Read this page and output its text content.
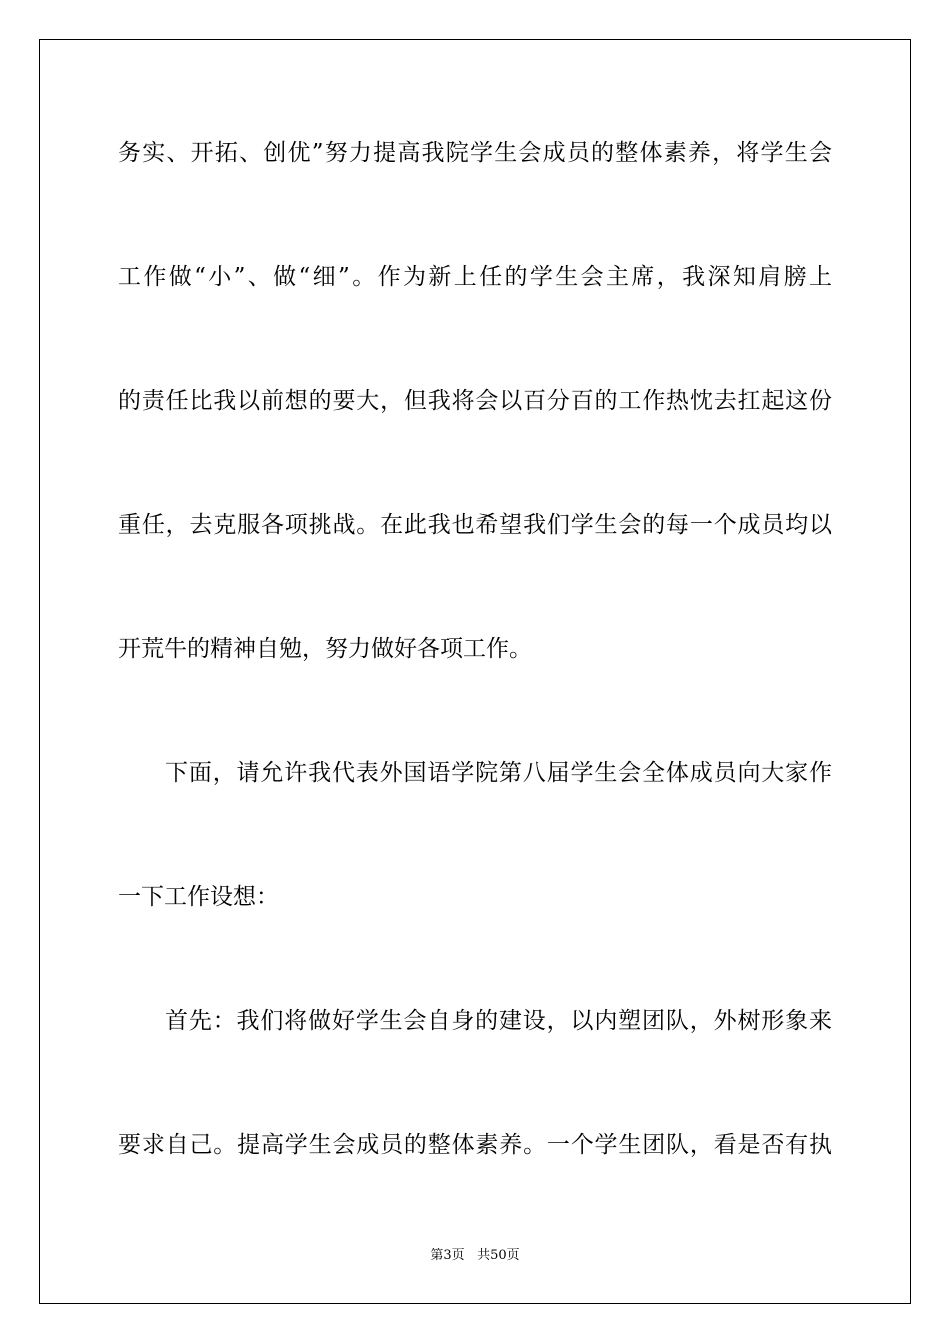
务实、开拓、创优”努力提高我院学生会成员的整体素养，将学生会
工作做“小”、做“细”。作为新上任的学生会主席，我深知肩膀上
的责任比我以前想的要大，但我将会以百分百的工作热忱去扛起这份
重任，去克服各项挑战。在此我也希望我们学生会的每一个成员均以
开荒牛的精神自勉，努力做好各项工作。
下面，请允许我代表外国语学院第八届学生会全体成员向大家作
一下工作设想：
首先：我们将做好学生会自身的建设，以内塑团队，外树形象来
要求自己。提高学生会成员的整体素养。一个学生团队，看是否有执
第3页 共50页
